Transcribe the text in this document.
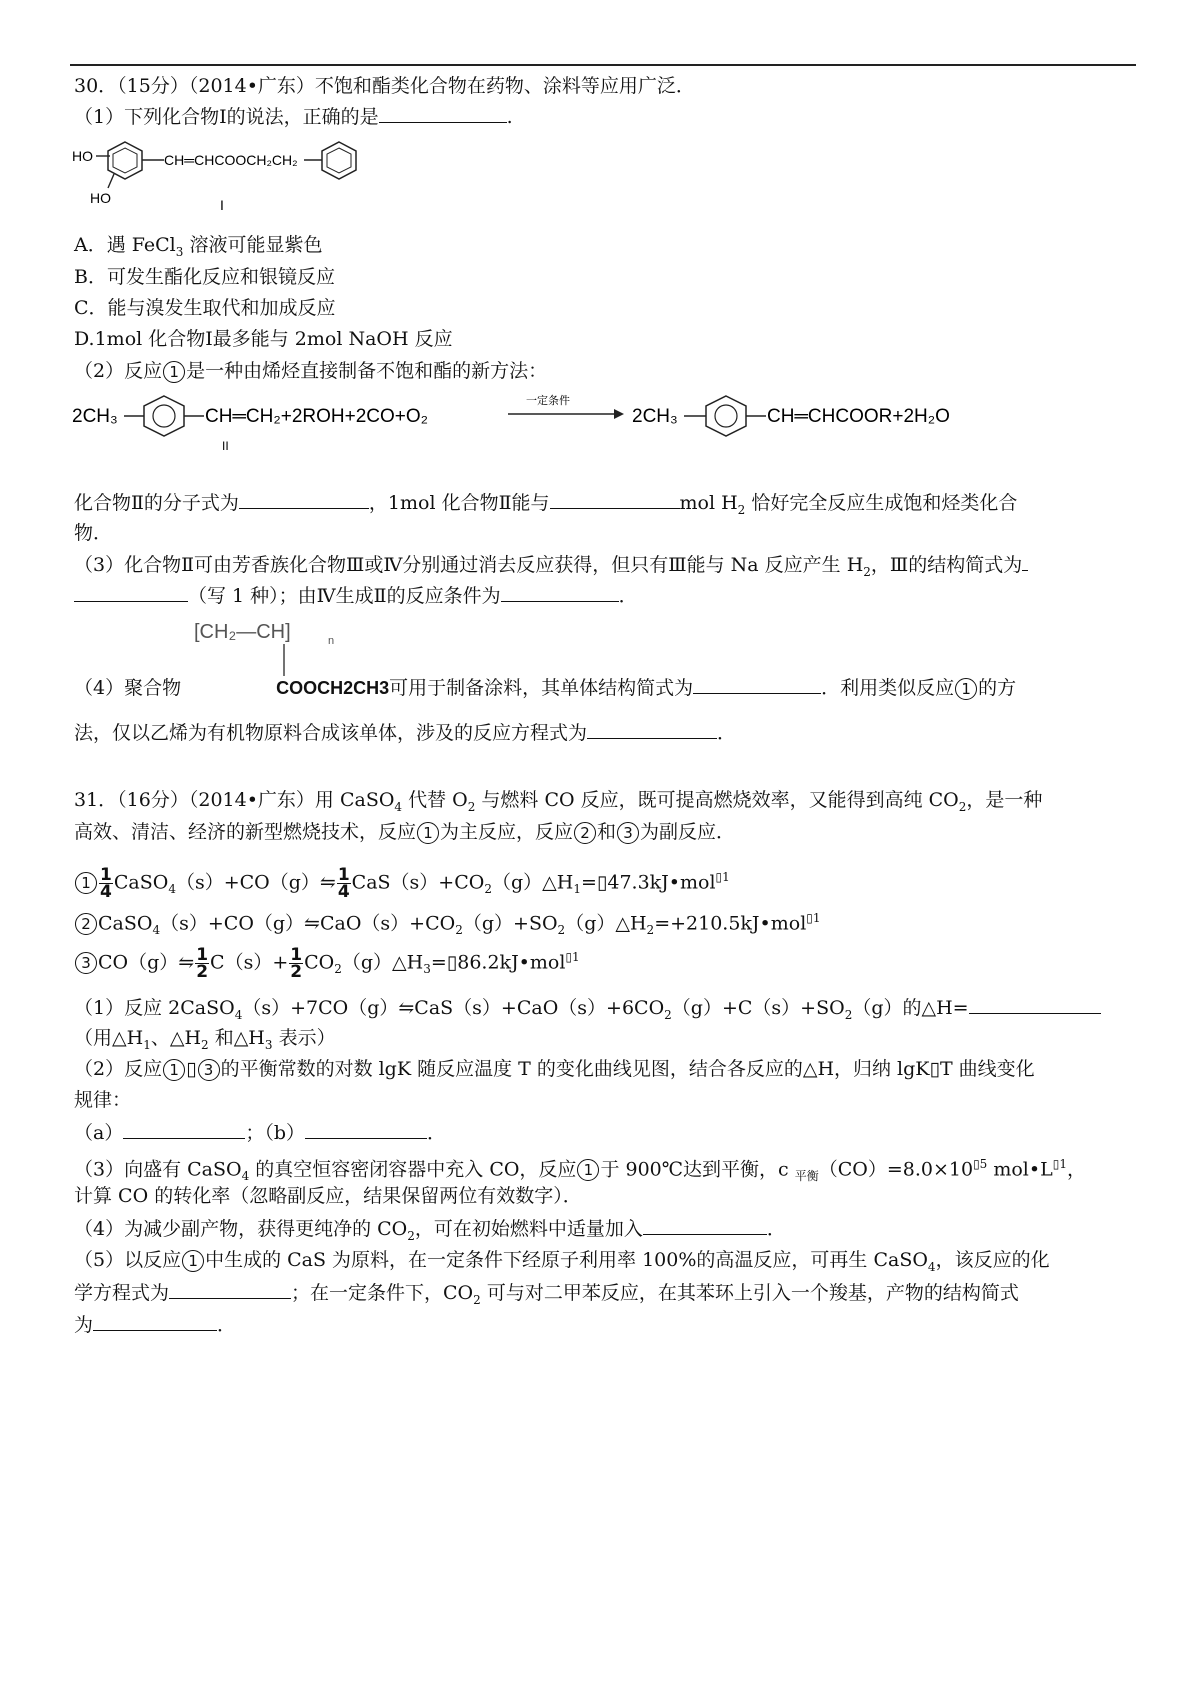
30．（15分）（2014•广东）不饱和酯类化合物在药物、涂料等应用广泛．
（1）下列化合物Ⅰ的说法，正确的是	.
HO
HO
CH═CHCOOCH₂CH₂
I
A．遇 FeCl$_3$ 溶液可能显紫色
B．可发生酯化反应和银镜反应
C．能与溴发生取代和加成反应
D.1mol 化合物Ⅰ最多能与 2mol NaOH 反应
（2）反应 1 是一种由烯烃直接制备不饱和酯的新方法：
2CH₃	CH═CH₂+2ROH+2CO+O₂
II
一定条件
2CH₃	CH═CHCOOR+2H₂O
化合物Ⅱ的分子式为	，1mol 化合物Ⅱ能与	mol $H_2$ 恰好完全反应生成饱和烃类化合
物．
（3）化合物Ⅱ可由芳香族化合物Ⅲ或Ⅳ分别通过消去反应获得，但只有Ⅲ能与 Na 反应产生 $H_2$，Ⅲ的结构简式为
（写 1 种）；由Ⅳ生成Ⅱ的反应条件为	．
[CH₂—CH]	n
（4）聚合物	COOCH2CH3可用于制备涂料，其单体结构简式为	．利用类似反应 1 的方
法，仅以乙烯为有机物原料合成该单体，涉及的反应方程式为	．
31．（16分）（2014•广东）用 CaSO$_4$ 代替 $O_2$ 与燃料 CO 反应，既可提高燃烧效率，又能得到高纯 $CO_2$，是一种
高效、清洁、经济的新型燃烧技术，反应 1 为主反应，反应 2 和 3 为副反应．
$1 \frac{1}{4}$ CaSO$_4$（s）+CO（g）⇋ $\frac{1}{4}$ $CaS(s)+CO_2(g)\triangle H_1=▯47.3kJ•mol^{▯1}$
2 $CaSO_4(s)+CO(g)⇋CaO(s)+CO_2(g)+SO_2(g)\triangle H_2=+210.5kJ•mol^{▯1}$
3 CO（g）⇋ $\frac{1}{2} C(s)+ \frac{1}{2}$ $CO_2(g)\triangle H_3=▯86.2kJ•mol^{▯1}$
（1）反应 $2CaSO_4(s)+7CO(g)⇋CaS(s)+CaO(s)+6CO_2(g)+C(s)+SO_2(g)$的△H=
（用$\triangle H_1$、$\triangle H_2$ 和$\triangle H_3$ 表示）
（2）反应 1 ▯ 3 的平衡常数的对数 lgK 随反应温度 T 的变化曲线见图，结合各反应的△H，归纳 lgK▯T 曲线变化
规律：
（a）	；（b）	．
（3）向盛有 CaSO$_4$ 的真空恒容密闭容器中充入 CO，反应 1 于 900℃达到平衡，c $_{平衡}(CO)=8.0\times 10^{▯5}$ $mol•L^{▯1}$，
计算 CO 的转化率（忽略副反应，结果保留两位有效数字）．
（4）为减少副产物，获得更纯净的 $CO_2$，可在初始燃料中适量加入	．
（5）以反应 1 中生成的 CaS 为原料，在一定条件下经原子利用率 100%的高温反应，可再生 CaSO$_4$，该反应的化
学方程式为	；在一定条件下，$CO_2$ 可与对二甲苯反应，在其苯环上引入一个羧基，产物的结构简式
为	．
